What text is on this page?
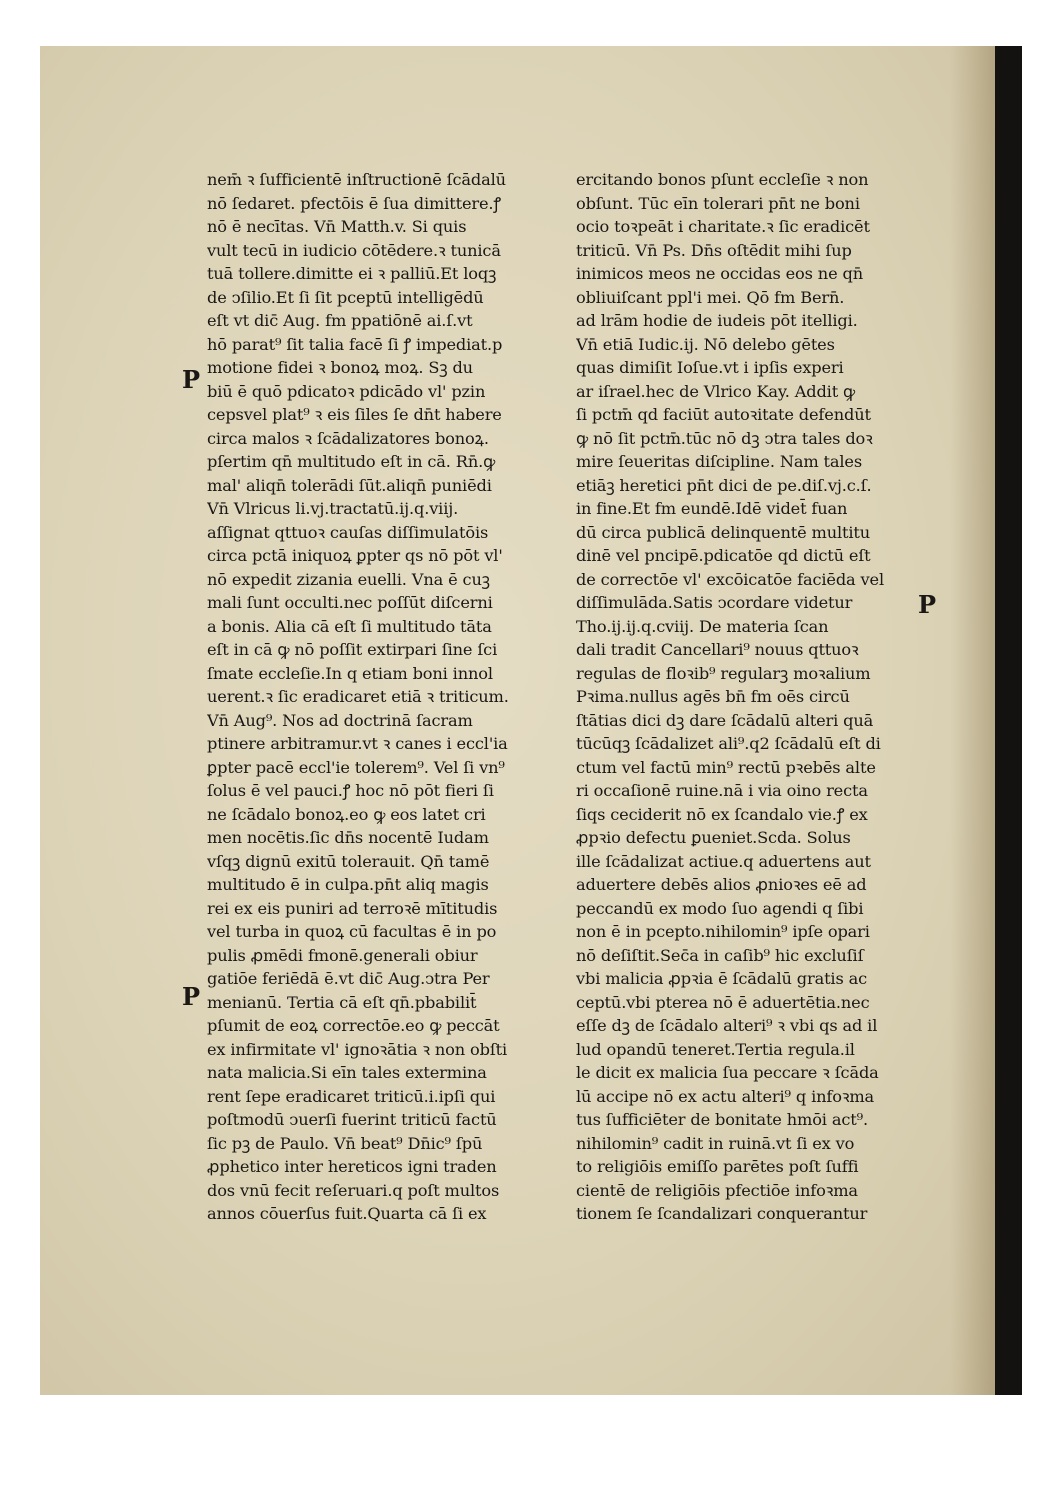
nem̄ ꝛ ſufficientē inſtructionē ſcādalū
nō ſedaret. pfectōis ē ſua dimittere.ꝭ
nō ē necītas. Vn̄ Matth.v. Si quis
vult tecū in iudicio cōtēdere.ꝛ tunicā
tuā tollere.dimitte ei ꝛ palliū.Et loqꝫ
de ↄſilio.Et ſi ſit pceptū intelligēdū
eſt vt dic̄ Aug. fm ppatiōnē ai.ſ.vt
hō parat⁹ ſit talia facē ſi ꝭ impediat.p
motione fidei ꝛ bonoꝝ moꝝ. Sꝫ du
biū ē quō pdicatoꝛ pdicādo vl' pzin
cepsvel plat⁹ ꝛ eis ſiles ſe dn̄t habere
circa malos ꝛ ſcādalizatores bonoꝝ.
pſertim qn̄ multitudo eſt in cā. Rn̄.ꝙ
mal' aliqn̄ tolerādi ſūt.aliqn̄ puniēdi
Vn̄ Vlricus li.vj.tractatū.ij.q.viij.
aſſignat qttuoꝛ cauſas diſſimulatōis
circa pctā iniquoꝝ ꝑpter qs nō pōt vl'
nō expedit zizania euelli. Vna ē cuꝫ
mali ſunt occulti.nec poſſūt diſcerni
a bonis. Alia cā eſt ſi multitudo tāta
eſt in cā ꝙ nō poſſit extirpari ſine ſci
ſmate eccleſie.In q etiam boni innol
uerent.ꝛ ſic eradicaret etiā ꝛ triticum.
Vn̄ Aug⁹. Nos ad doctrinā ſacram
ptinere arbitramur.vt ꝛ canes i eccl'ia
ꝑpter pacē eccl'ie tolerem⁹. Vel ſi vn⁹
ſolus ē vel pauci.ꝭ hoc nō pōt fieri ſi
ne ſcādalo bonoꝝ.eo ꝙ eos latet cri
men nocētis.ſic dn̄s nocentē Iudam
vſqꝫ dignū exitū tolerauit. Qn̄ tamē
multitudo ē in culpa.pn̄t aliq magis
rei ex eis puniri ad terroꝛē mītitudis
vel turba in quoꝝ cū facultas ē in po
pulis ꝓmēdi fmonē.generali obiur
gatiōe feriēdā ē.vt dic̄ Aug.ↄtra Per
menianū. Tertia cā eſt qn̄.pbabilit̄
pſumit de eoꝝ correctōe.eo ꝙ peccāt
ex infirmitate vl' ignoꝛātia ꝛ non obſti
nata malicia.Si eīn tales extermina
rent ſepe eradicaret triticū.i.ipſi qui
poſtmodū ↄuerſi fuerint triticū factū
ſic pꝫ de Paulo. Vn̄ beat⁹ Dn̄ic⁹ ſpū
ꝓphetico inter hereticos igni traden
dos vnū fecit reſeruari.q poſt multos
annos cōuerſus fuit.Quarta cā ſi ex
ercitando bonos pſunt eccleſie ꝛ non
obſunt. Tūc eīn tolerari pn̄t ne boni
ocio toꝛpeāt i charitate.ꝛ ſic eradicēt
triticū. Vn̄ Ps. Dn̄s oſtēdit mihi ſup
inimicos meos ne occidas eos ne qn̄
obliuiſcant ppl'i mei. Qō fm Bern̄.
ad lrām hodie de iudeis pōt itelligi.
Vn̄ etiā Iudic.ij. Nō delebo gētes
quas dimiſit Ioſue.vt i ipſis experi
ar iſrael.hec de Vlrico Kay. Addit ꝙ
ſi pctm̄ qd faciūt autoꝛitate defendūt
ꝙ nō ſit pctm̄.tūc nō dꝫ ↄtra tales doꝛ
mire ſeueritas diſcipline. Nam tales
etiāꝫ heretici pn̄t dici de pe.diſ.vj.c.ſ.
in fine.Et fm eundē.Idē videt̄ fuan
dū circa publicā delinquentē multitu
dinē vel pncipē.pdicatōe qd dictū eſt
de correctōe vl' excōicatōe faciēda vel
diſſimulāda.Satis ↄcordare videtur
Tho.ij.ij.q.cviij. De materia ſcan
dali tradit Cancellari⁹ nouus qttuoꝛ
regulas de floꝛib⁹ regularꝫ moꝛalium
Pꝛima.nullus agēs bn̄ fm oēs circū
ſtātias dici dꝫ dare ſcādalū alteri quā
tūcūqꝫ ſcādalizet ali⁹.q2 ſcādalū eſt di
ctum vel factū min⁹ rectū pꝛebēs alte
ri occaſionē ruine.nā i via oino recta
ſiqs ceciderit nō ex ſcandalo vie.ꝭ ex
ꝓpꝛio defectu ꝑueniet.Scda. Solus
ille ſcādalizat actiue.q aduertens aut
aduertere debēs alios ꝓnioꝛes eē ad
peccandū ex modo ſuo agendi q ſibi
non ē in pcepto.nihilomin⁹ ipſe opari
nō deſiſtit.Sec̄a in caſib⁹ hic excluſiſ
vbi malicia ꝓpꝛia ē ſcādalū gratis ac
ceptū.vbi pterea nō ē aduertētia.nec
eſſe dꝫ de ſcādalo alteri⁹ ꝛ vbi qs ad il
lud opandū teneret.Tertia regula.il
le dicit ex malicia ſua peccare ꝛ ſcāda
lū accipe nō ex actu alteri⁹ q infoꝛma
tus ſufficiēter de bonitate hmōi act⁹.
nihilomin⁹ cadit in ruinā.vt ſi ex vo
to religiōis emiſſo parētes poſt ſuffi
cientē de religiōis pfectiōe infoꝛma
tionem ſe ſcandalizari conquerantur
P
P
P
